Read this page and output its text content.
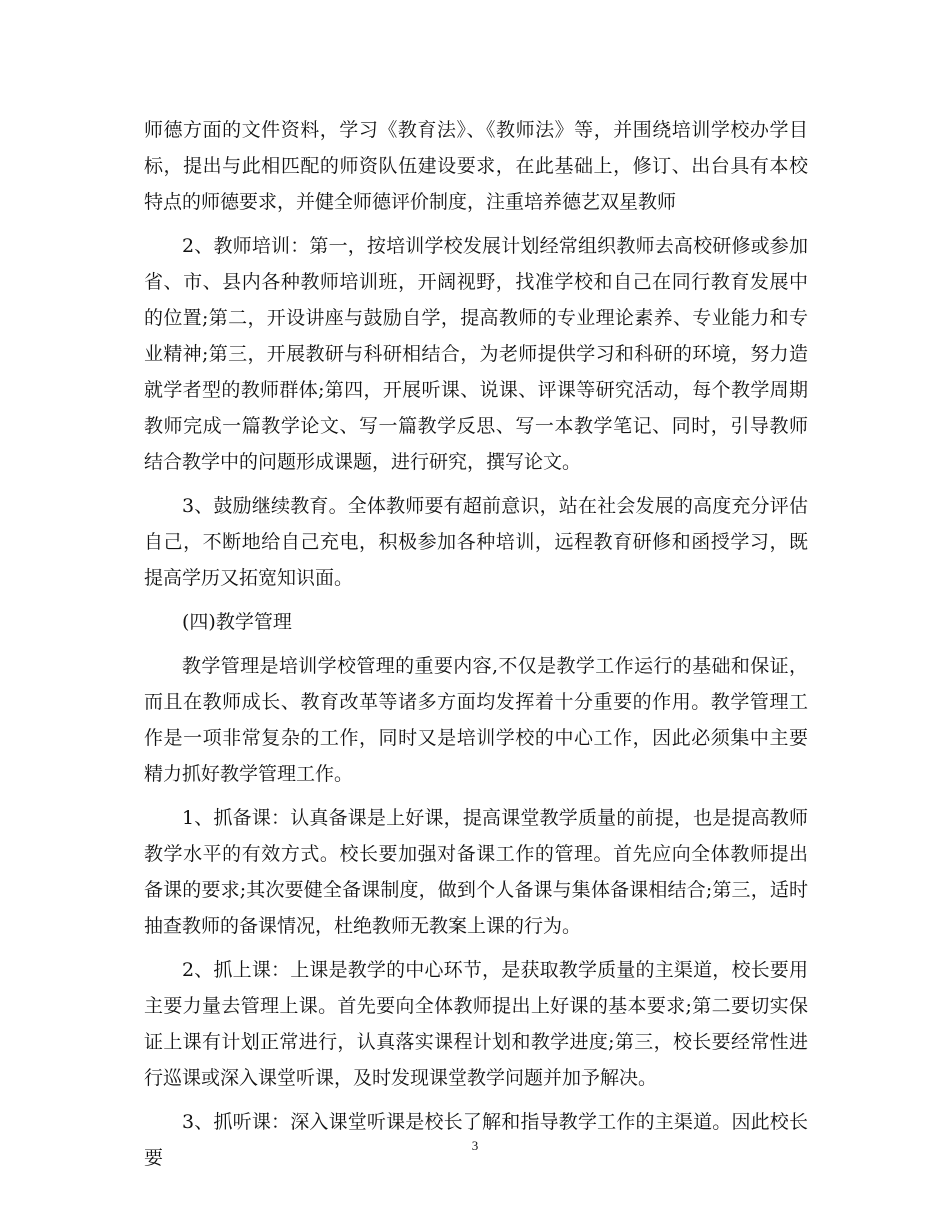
师德方面的文件资料，学习《教育法》、《教师法》等，并围绕培训学校办学目标，提出与此相匹配的师资队伍建设要求，在此基础上，修订、出台具有本校特点的师德要求，并健全师德评价制度，注重培养德艺双星教师

2、教师培训：第一，按培训学校发展计划经常组织教师去高校研修或参加省、市、县内各种教师培训班，开阔视野，找准学校和自己在同行教育发展中的位置;第二，开设讲座与鼓励自学，提高教师的专业理论素养、专业能力和专业精神;第三，开展教研与科研相结合，为老师提供学习和科研的环境，努力造就学者型的教师群体;第四，开展听课、说课、评课等研究活动，每个教学周期教师完成一篇教学论文、写一篇教学反思、写一本教学笔记、同时，引导教师结合教学中的问题形成课题，进行研究，撰写论文。

3、鼓励继续教育。全体教师要有超前意识，站在社会发展的高度充分评估自己，不断地给自己充电，积极参加各种培训，远程教育研修和函授学习，既提高学历又拓宽知识面。

(四)教学管理

教学管理是培训学校管理的重要内容,不仅是教学工作运行的基础和保证，而且在教师成长、教育改革等诸多方面均发挥着十分重要的作用。教学管理工作是一项非常复杂的工作，同时又是培训学校的中心工作，因此必须集中主要精力抓好教学管理工作。

1、抓备课：认真备课是上好课，提高课堂教学质量的前提，也是提高教师教学水平的有效方式。校长要加强对备课工作的管理。首先应向全体教师提出备课的要求;其次要健全备课制度，做到个人备课与集体备课相结合;第三，适时抽查教师的备课情况，杜绝教师无教案上课的行为。

2、抓上课：上课是教学的中心环节，是获取教学质量的主渠道，校长要用主要力量去管理上课。首先要向全体教师提出上好课的基本要求;第二要切实保证上课有计划正常进行，认真落实课程计划和教学进度;第三，校长要经常性进行巡课或深入课堂听课，及时发现课堂教学问题并加予解决。

3、抓听课：深入课堂听课是校长了解和指导教学工作的主渠道。因此校长要

3
